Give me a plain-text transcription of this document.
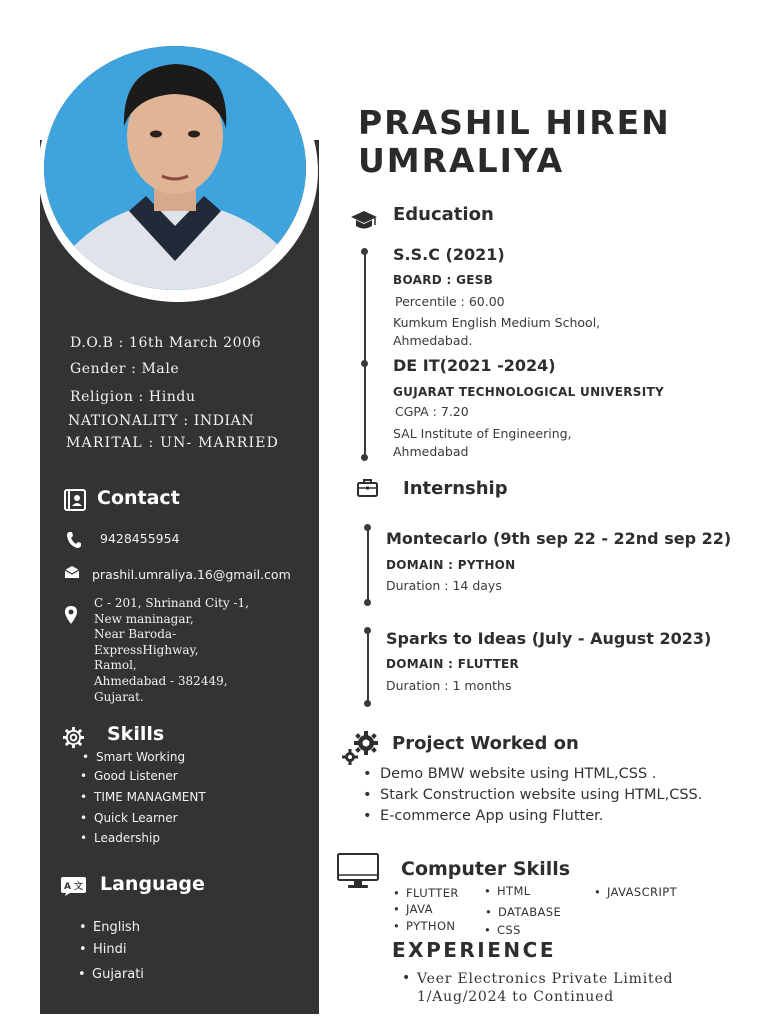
D.O.B : 16th March 2006
Gender : Male
Religion : Hindu
NATIONALITY : INDIAN
MARITAL : UN- MARRIED
Contact
9428455954
prashil.umraliya.16@gmail.com
C - 201, Shrinand City -1,
New maninagar,
Near Baroda-
ExpressHighway,
Ramol,
Ahmedabad - 382449,
Gujarat.
Skills
• Smart Working
• Good Listener
• TIME MANAGMENT
• Quick Learner
• Leadership
A 文 Language
• English
• Hindi
• Gujarati
PRASHIL HIREN
UMRALIYA
Education
S.S.C (2021)
BOARD : GESB
Percentile : 60.00
Kumkum English Medium School,
Ahmedabad.
DE IT(2021 -2024)
GUJARAT TECHNOLOGICAL UNIVERSITY
CGPA : 7.20
SAL Institute of Engineering,
Ahmedabad
Internship
Montecarlo (9th sep 22 - 22nd sep 22)
DOMAIN : PYTHON
Duration : 14 days
Sparks to Ideas (July - August 2023)
DOMAIN : FLUTTER
Duration : 1 months
Project Worked on
• Demo BMW website using HTML,CSS .
• Stark Construction website using HTML,CSS.
• E-commerce App using Flutter.
Computer Skills
• FLUTTER
• JAVA
• PYTHON
• HTML
• DATABASE
• CSS
• JAVASCRIPT
EXPERIENCE
Veer Electronics Private Limited
•
1/Aug/2024 to Continued
